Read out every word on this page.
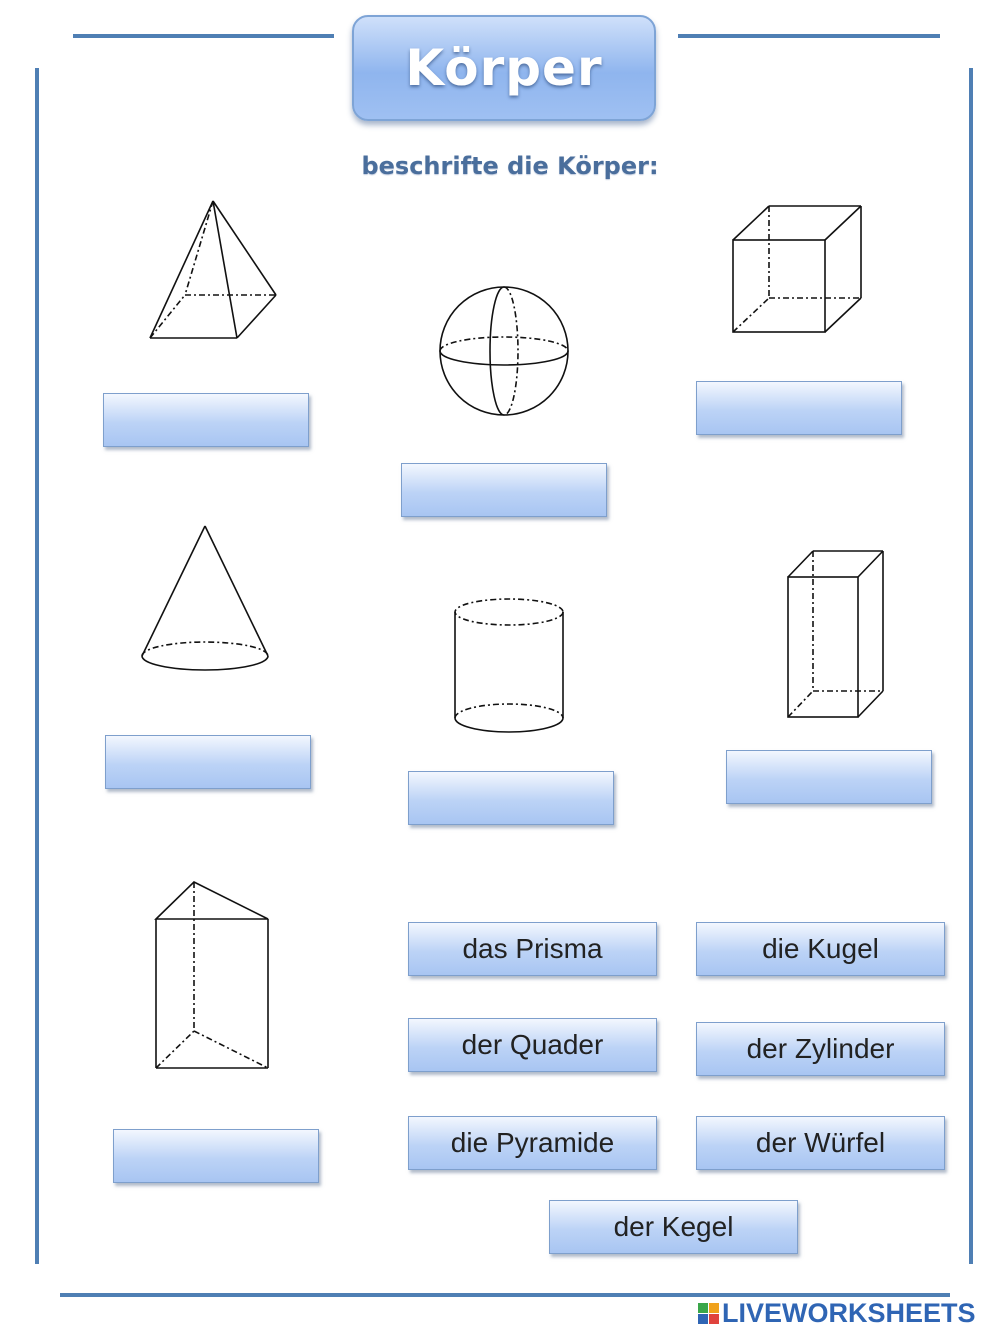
Körper
beschrifte die Körper:
das Prisma	die Kugel
der Quader	der Zylinder
die Pyramide	der Würfel
der Kegel
LIVEWORKSHEETS
